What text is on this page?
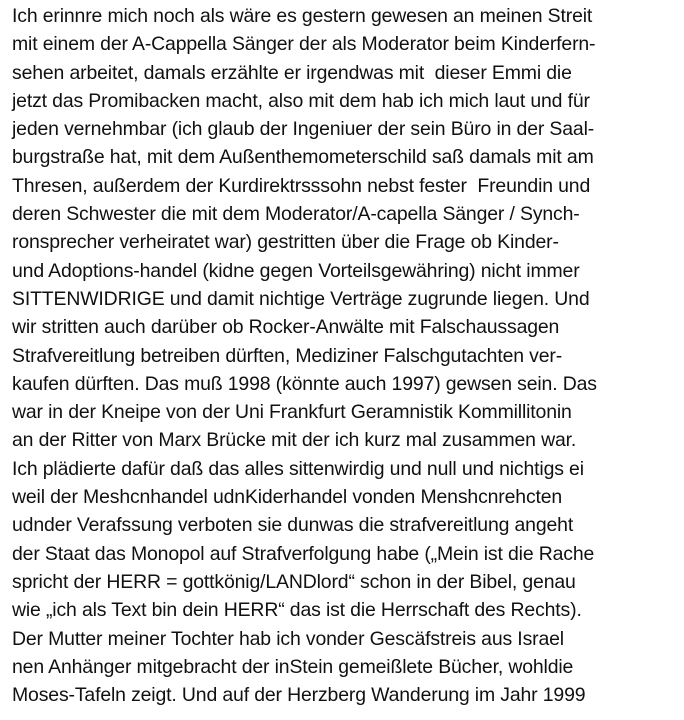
Ich erinnre mich noch als wäre es gestern gewesen an meinen Streit
mit einem der A-Cappella Sänger der als Moderator beim Kinderfern-
sehen arbeitet, damals erzählte er irgendwas mit  dieser Emmi die
jetzt das Promibacken macht, also mit dem hab ich mich laut und für
jeden vernehmbar (ich glaub der Ingeniuer der sein Büro in der Saal-
burgstraße hat, mit dem Außenthemometerschild saß damals mit am
Thresen, außerdem der Kurdirektrsssohn nebst fester  Freundin und
deren Schwester die mit dem Moderator/A-capella Sänger / Synch-
ronsprecher verheiratet war) gestritten über die Frage ob Kinder-
und Adoptions-handel (kidne gegen Vorteilsgewähring) nicht immer
SITTENWIDRIGE und damit nichtige Verträge zugrunde liegen. Und
wir stritten auch darüber ob Rocker-Anwälte mit Falschaussagen
Strafvereitlung betreiben dürften, Mediziner Falschgutachten ver-
kaufen dürften. Das muß 1998 (könnte auch 1997) gewsen sein. Das
war in der Kneipe von der Uni Frankfurt Geramnistik Kommillitonin
an der Ritter von Marx Brücke mit der ich kurz mal zusammen war.
Ich plädierte dafür daß das alles sittenwirdig und null und nichtigs ei
weil der Meshcnhandel udnKiderhandel vonden Menshcnrehcten
udnder Verafssung verboten sie dunwas die strafvereitlung angeht
der Staat das Monopol auf Strafverfolgung habe („Mein ist die Rache
spricht der HERR = gottkönig/LANDlord“ schon in der Bibel, genau
wie „ich als Text bin dein HERR“ das ist die Herrschaft des Rechts).
Der Mutter meiner Tochter hab ich vonder Gescäfstreis aus Israel
nen Anhänger mitgebracht der inStein gemeißlete Bücher, wohldie
Moses-Tafeln zeigt. Und auf der Herzberg Wanderung im Jahr 1999
